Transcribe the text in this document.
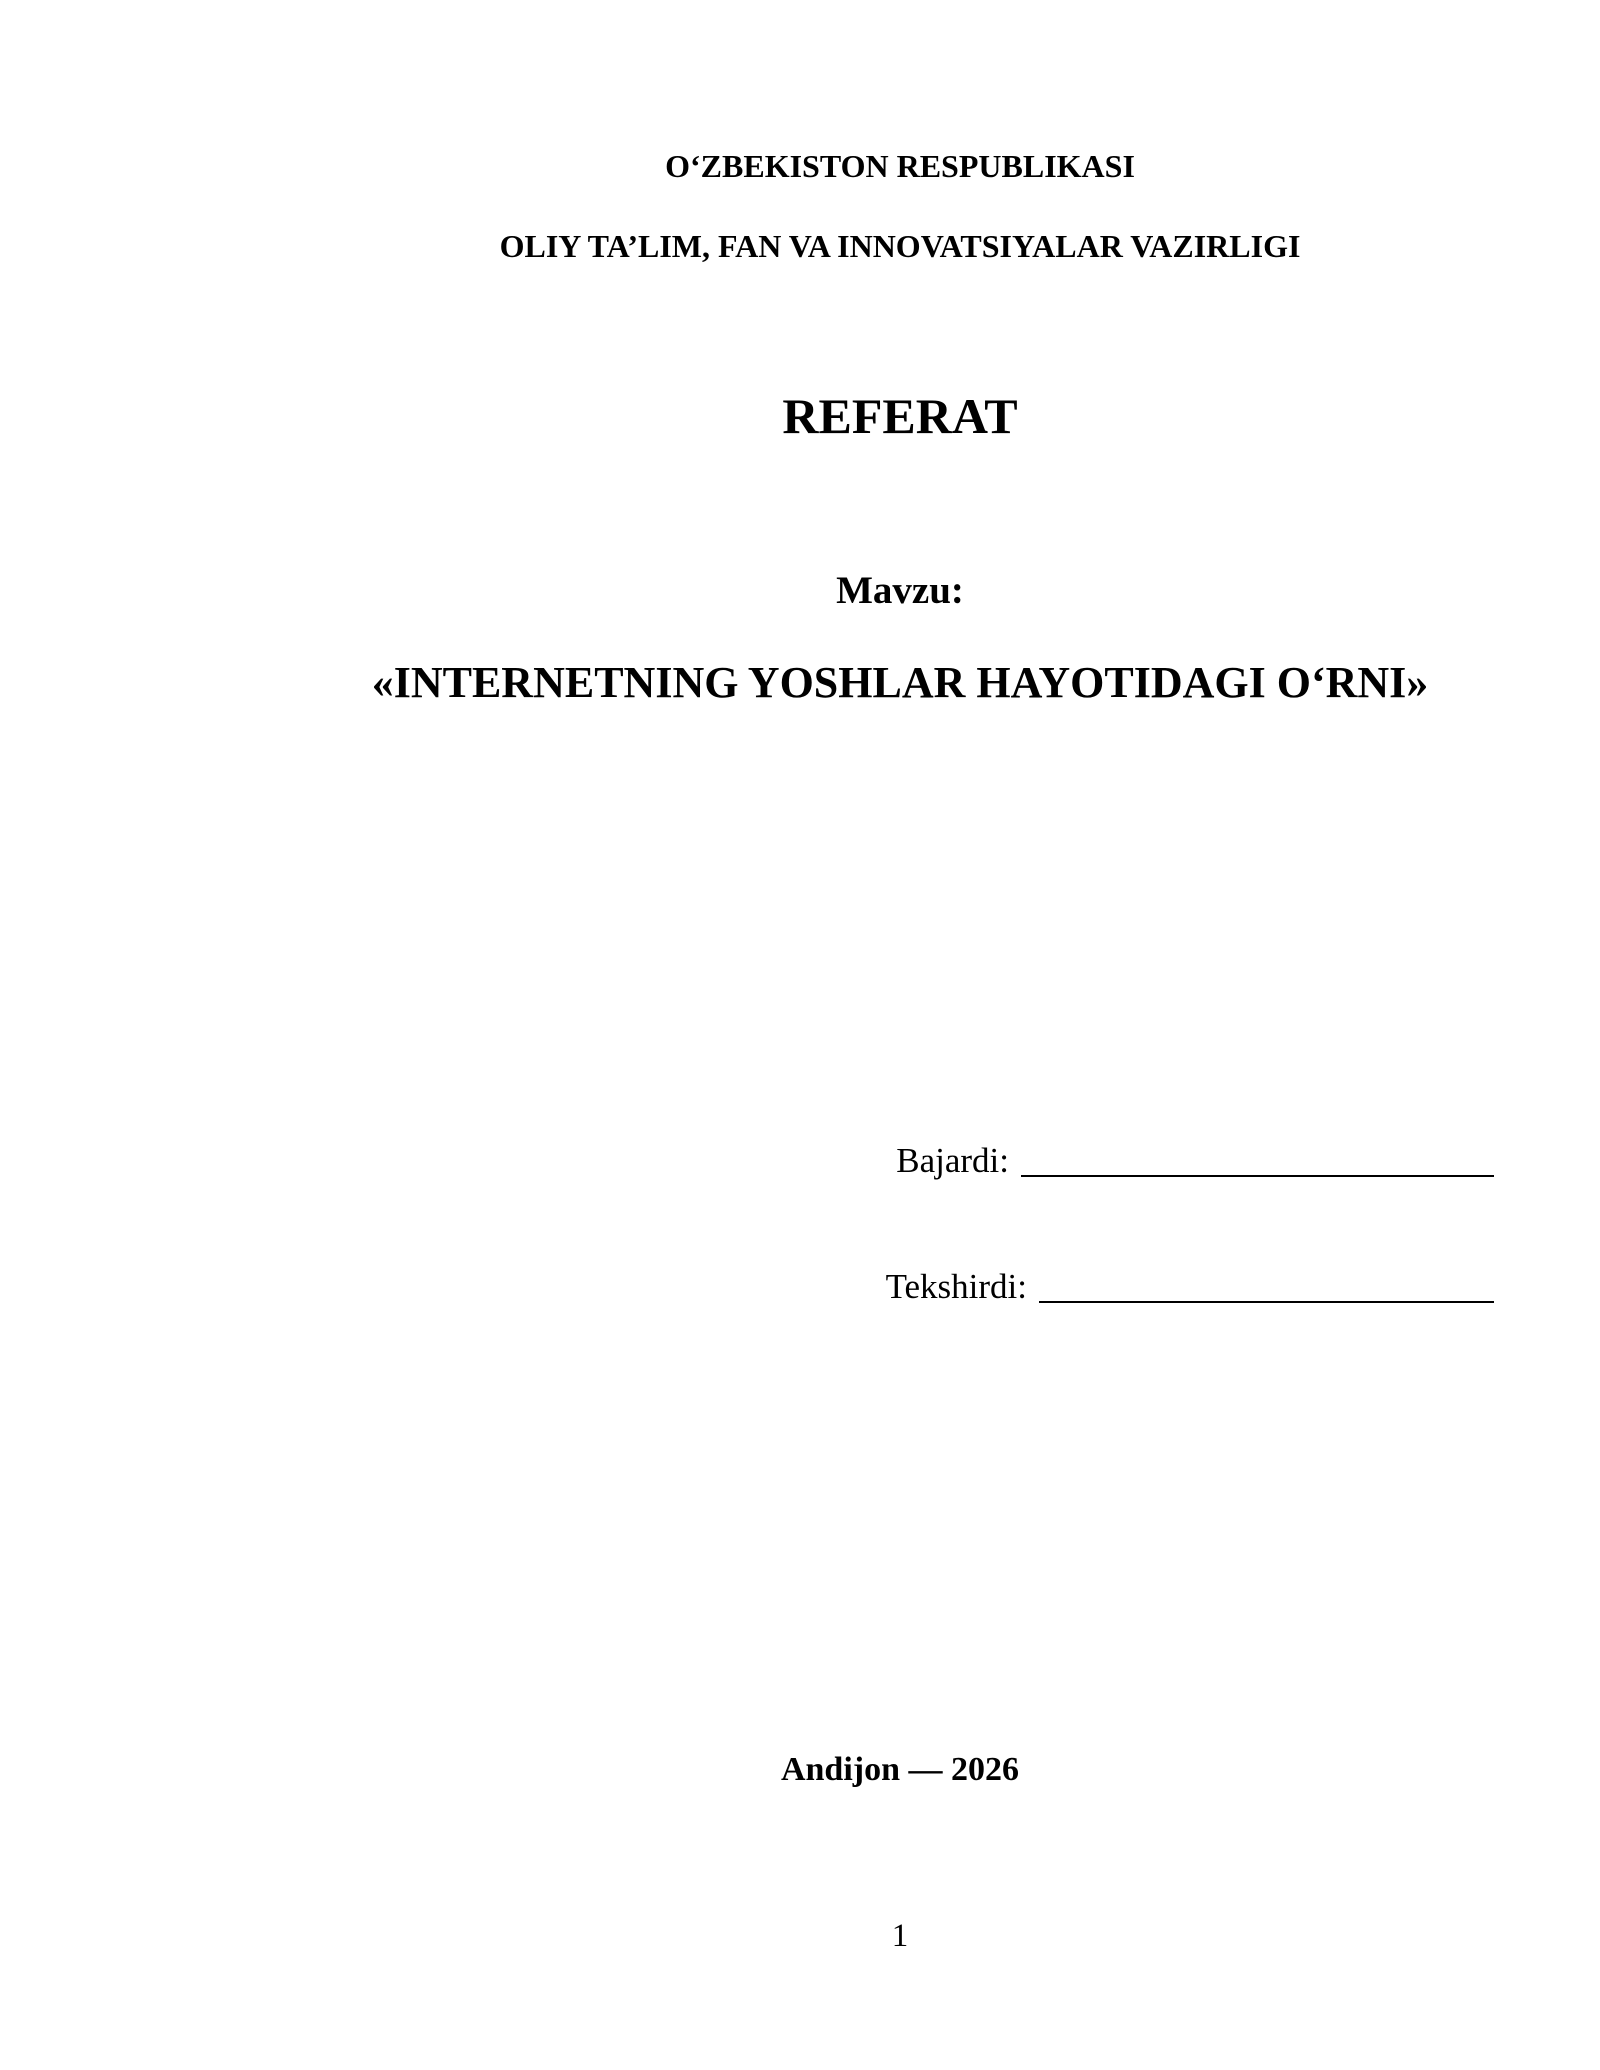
O‘ZBEKISTON RESPUBLIKASI
OLIY TA’LIM, FAN VA INNOVATSIYALAR VAZIRLIGI
REFERAT
Mavzu:
«INTERNETNING YOSHLAR HAYOTIDAGI O‘RNI»
Bajardi:
Tekshirdi:
Andijon — 2026
1
